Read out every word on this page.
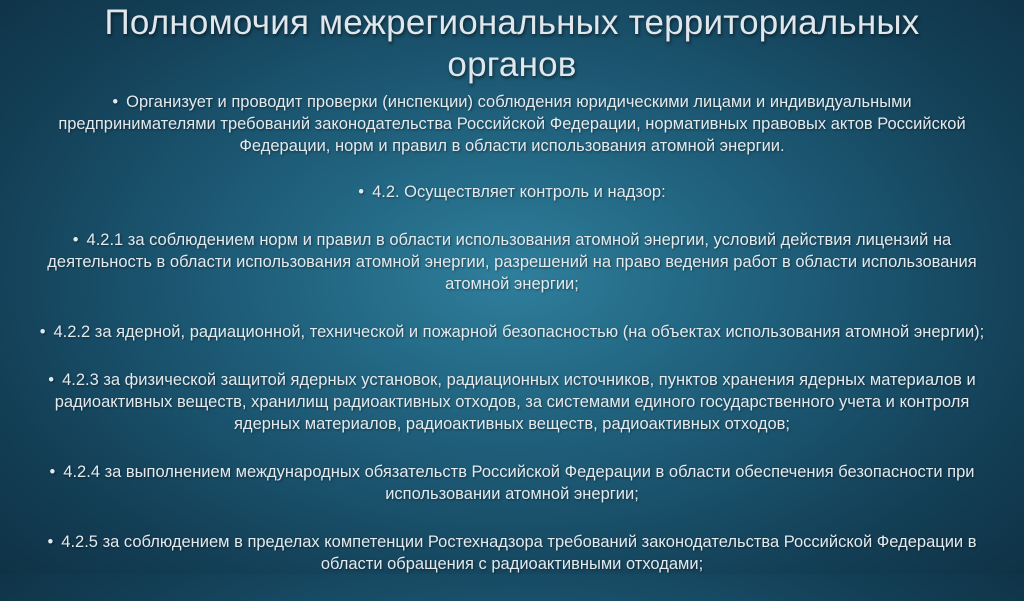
Полномочия межрегиональных территориальных органов
• Организует и проводит проверки (инспекции) соблюдения юридическими лицами и индивидуальными предпринимателями требований законодательства Российской Федерации, нормативных правовых актов Российской Федерации, норм и правил в области использования атомной энергии.
• 4.2. Осуществляет контроль и надзор:
• 4.2.1 за соблюдением норм и правил в области использования атомной энергии, условий действия лицензий на деятельность в области использования атомной энергии, разрешений на право ведения работ в области использования атомной энергии;
• 4.2.2 за ядерной, радиационной, технической и пожарной безопасностью (на объектах использования атомной энергии);
• 4.2.3 за физической защитой ядерных установок, радиационных источников, пунктов хранения ядерных материалов и радиоактивных веществ, хранилищ радиоактивных отходов, за системами единого государственного учета и контроля ядерных материалов, радиоактивных веществ, радиоактивных отходов;
• 4.2.4 за выполнением международных обязательств Российской Федерации в области обеспечения безопасности при использовании атомной энергии;
• 4.2.5 за соблюдением в пределах компетенции Ростехнадзора требований законодательства Российской Федерации в области обращения с радиоактивными отходами;
